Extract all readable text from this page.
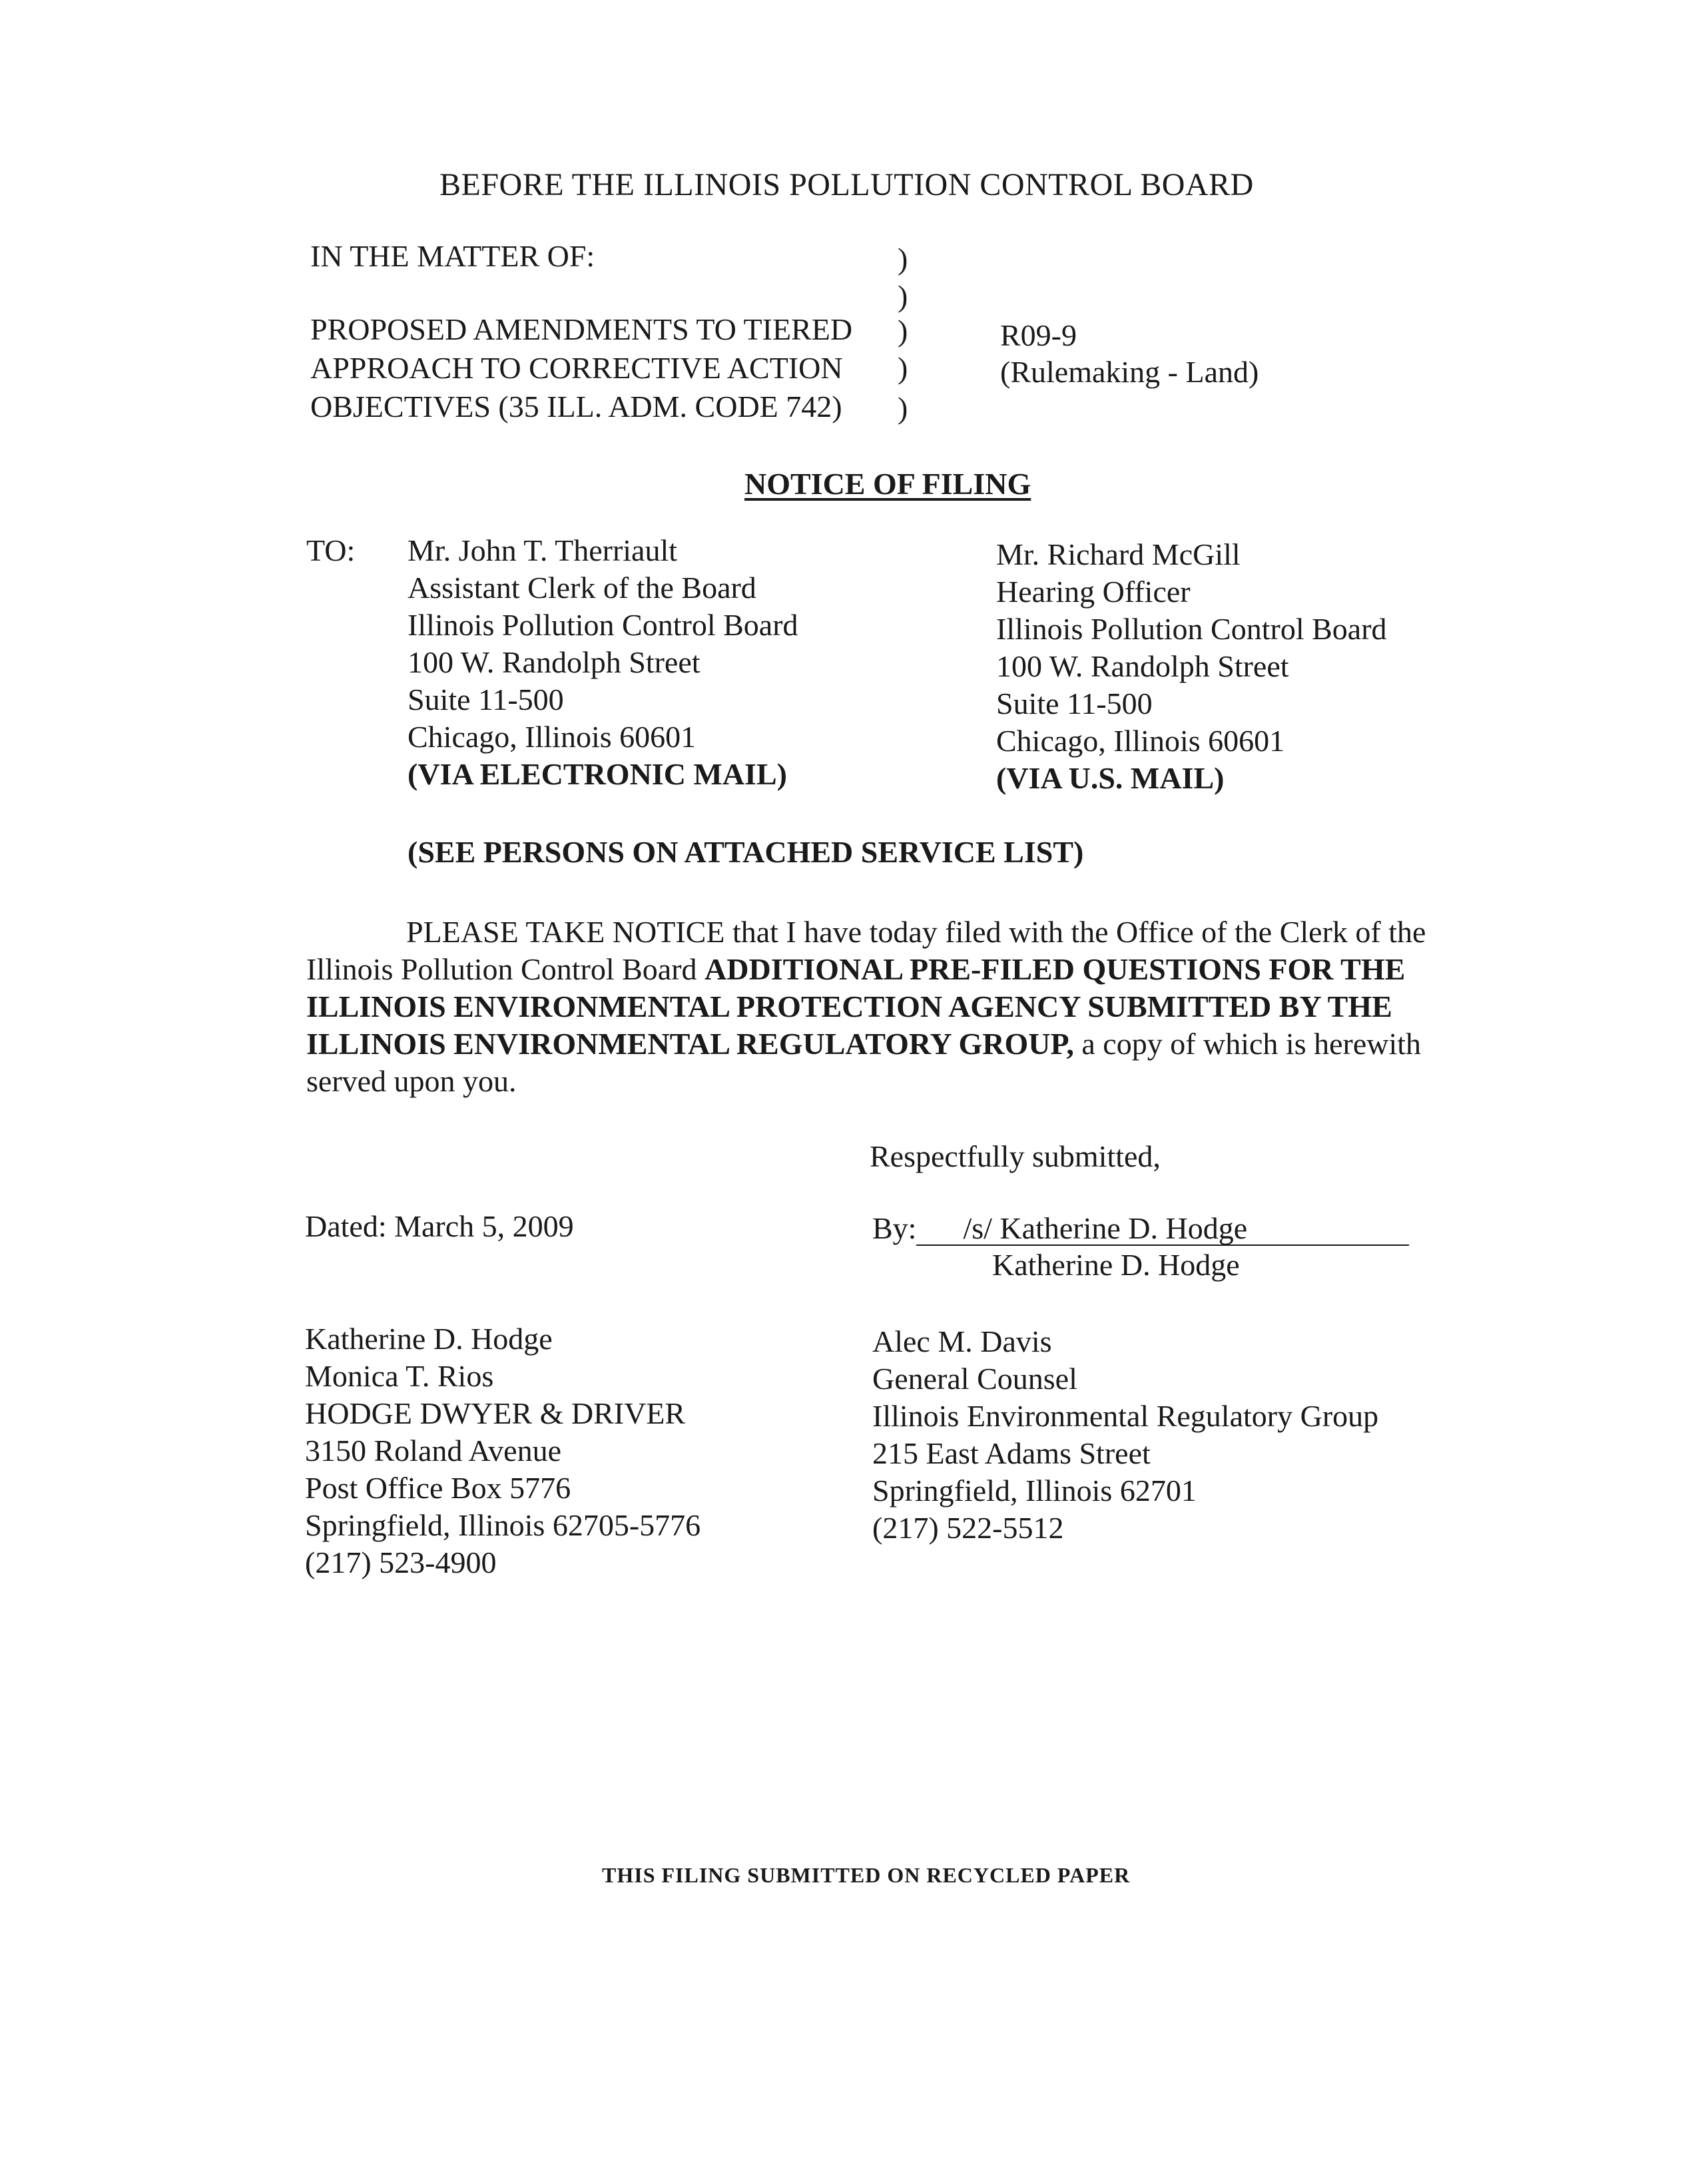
BEFORE THE ILLINOIS POLLUTION CONTROL BOARD
IN THE MATTER OF:
PROPOSED AMENDMENTS TO TIERED
APPROACH TO CORRECTIVE ACTION
OBJECTIVES (35 ILL. ADM. CODE 742)
)
)
)
)
)
R09-9
(Rulemaking - Land)
NOTICE OF FILING
TO: Mr. John T. Therriault
Assistant Clerk of the Board
Illinois Pollution Control Board
100 W. Randolph Street
Suite 11-500
Chicago, Illinois 60601
(VIA ELECTRONIC MAIL)
Mr. Richard McGill
Hearing Officer
Illinois Pollution Control Board
100 W. Randolph Street
Suite 11-500
Chicago, Illinois 60601
(VIA U.S. MAIL)
(SEE PERSONS ON ATTACHED SERVICE LIST)
PLEASE TAKE NOTICE that I have today filed with the Office of the Clerk of the Illinois Pollution Control Board ADDITIONAL PRE-FILED QUESTIONS FOR THE ILLINOIS ENVIRONMENTAL PROTECTION AGENCY SUBMITTED BY THE ILLINOIS ENVIRONMENTAL REGULATORY GROUP, a copy of which is herewith served upon you.
Respectfully submitted,
Dated: March 5, 2009	By: /s/ Katherine D. Hodge
Katherine D. Hodge
Katherine D. Hodge
Monica T. Rios
HODGE DWYER & DRIVER
3150 Roland Avenue
Post Office Box 5776
Springfield, Illinois 62705-5776
(217) 523-4900
Alec M. Davis
General Counsel
Illinois Environmental Regulatory Group
215 East Adams Street
Springfield, Illinois 62701
(217) 522-5512
THIS FILING SUBMITTED ON RECYCLED PAPER
